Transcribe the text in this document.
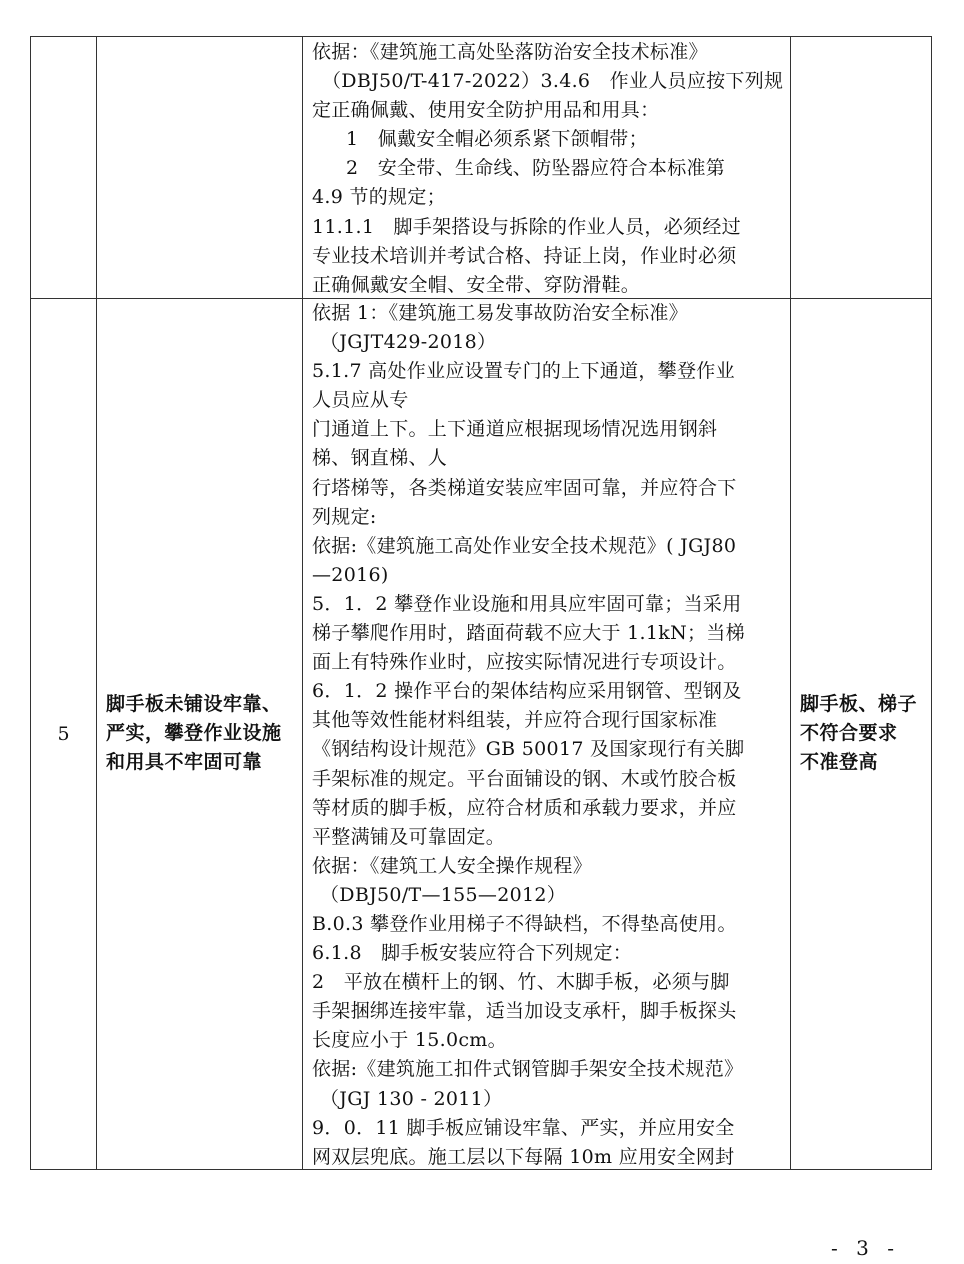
依据：《建筑施工高处坠落防治安全技术标准》
（DBJ50/T-417-2022）3.4.6　作业人员应按下列规
定正确佩戴、使用安全防护用品和用具：
1　佩戴安全帽必须系紧下颌帽带；
2　安全带、生命线、防坠器应符合本标准第
4.9 节的规定；
11.1.1　脚手架搭设与拆除的作业人员，必须经过
专业技术培训并考试合格、持证上岗，作业时必须
正确佩戴安全帽、安全带、穿防滑鞋。
5
脚手板未铺设牢靠、
严实，攀登作业设施
和用具不牢固可靠
依据 1：《建筑施工易发事故防治安全标准》
（JGJT429-2018）
5.1.7 高处作业应设置专门的上下通道，攀登作业
人员应从专
门通道上下。上下通道应根据现场情况选用钢斜
梯、钢直梯、人
行塔梯等，各类梯道安装应牢固可靠，并应符合下
列规定:
依据:《建筑施工高处作业安全技术规范》( JGJ80
—2016)
5．1．2 攀登作业设施和用具应牢固可靠；当采用
梯子攀爬作用时，踏面荷载不应大于 1.1kN；当梯
面上有特殊作业时，应按实际情况进行专项设计。
6．1．2 操作平台的架体结构应采用钢管、型钢及
其他等效性能材料组装，并应符合现行国家标准
《钢结构设计规范》GB 50017 及国家现行有关脚
手架标准的规定。平台面铺设的钢、木或竹胶合板
等材质的脚手板，应符合材质和承载力要求，并应
平整满铺及可靠固定。
依据：《建筑工人安全操作规程》
（DBJ50/T—155—2012）
B.0.3 攀登作业用梯子不得缺档，不得垫高使用。
6.1.8　脚手板安装应符合下列规定：
2　平放在横杆上的钢、竹、木脚手板，必须与脚
手架捆绑连接牢靠，适当加设支承杆，脚手板探头
长度应小于 15.0cm。
依据:《建筑施工扣件式钢管脚手架安全技术规范》
（JGJ 130 - 2011）
9．0．11 脚手板应铺设牢靠、严实，并应用安全
网双层兜底。施工层以下每隔 10m 应用安全网封
脚手板、梯子
不符合要求
不准登高
- 3 -
